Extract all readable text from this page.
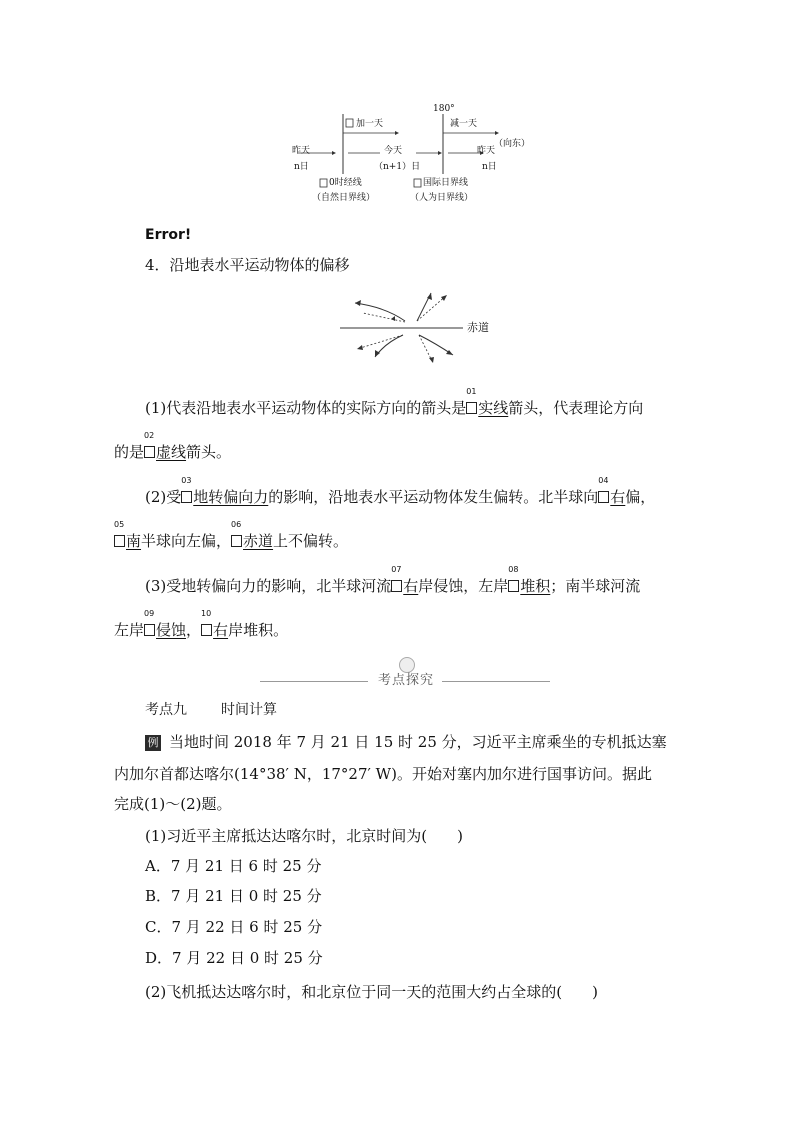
180°
加一天	减一天
（向东）
昨天
n日
今天
（n+1）日
昨天
n日
0时经线
（自然日界线）
国际日界线
（人为日界线）
Error!
4．沿地表水平运动物体的偏移
赤道
(1)代表沿地表水平运动物体的实际方向的箭头是
01
实线箭头，代表理论方向
的是
02
虚线箭头。
(2)受
03
地转偏向力的影响，沿地表水平运动物体发生偏转。北半球向
04
右偏，
05
南半球向左偏，
06
赤道上不偏转。
(3)受地转偏向力的影响，北半球河流
07
右岸侵蚀，左岸
08
堆积；南半球河流
左岸
09
侵蚀，
10
右岸堆积。
考点探究
考点九 时间计算
例 当地时间 2018 年 7 月 21 日 15 时 25 分，习近平主席乘坐的专机抵达塞
内加尔首都达喀尔(14°38′ N，17°27′ W)。开始对塞内加尔进行国事访问。据此
完成(1)～(2)题。
(1)习近平主席抵达达喀尔时，北京时间为(　　)
A．7 月 21 日 6 时 25 分
B．7 月 21 日 0 时 25 分
C．7 月 22 日 6 时 25 分
D．7 月 22 日 0 时 25 分
(2)飞机抵达达喀尔时，和北京位于同一天的范围大约占全球的(　　)
